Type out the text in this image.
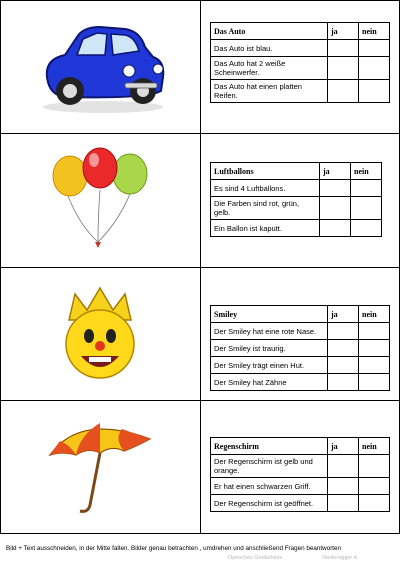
Das Auto	ja	nein
Das Auto ist blau.		
Das Auto hat 2 weiße Scheinwerfer.		
Das Auto hat einen platten Reifen.		
Luftballons	ja	nein
Es sind 4 Luftballons.		
Die Farben sind rot, grün, gelb.		
Ein Ballon ist kaputt.		
Smiley	ja	nein
Der Smiley hat eine rote Nase.		
Der Smiley ist traurig.		
Der Smiley trägt einen Hut.		
Der Smiley hat Zähne		
Regenschirm	ja	nein
Der Regenschirm ist gelb und orange.		
Er hat einen schwarzen Griff.		
Der Regenschirm ist geöffnet.		
Bild + Text ausschneiden, in der Mitte falten. Bilder genau betrachten , umdrehen und anschließend Fragen beantworten
Opesches Gedächtnis	Niederegger A.
